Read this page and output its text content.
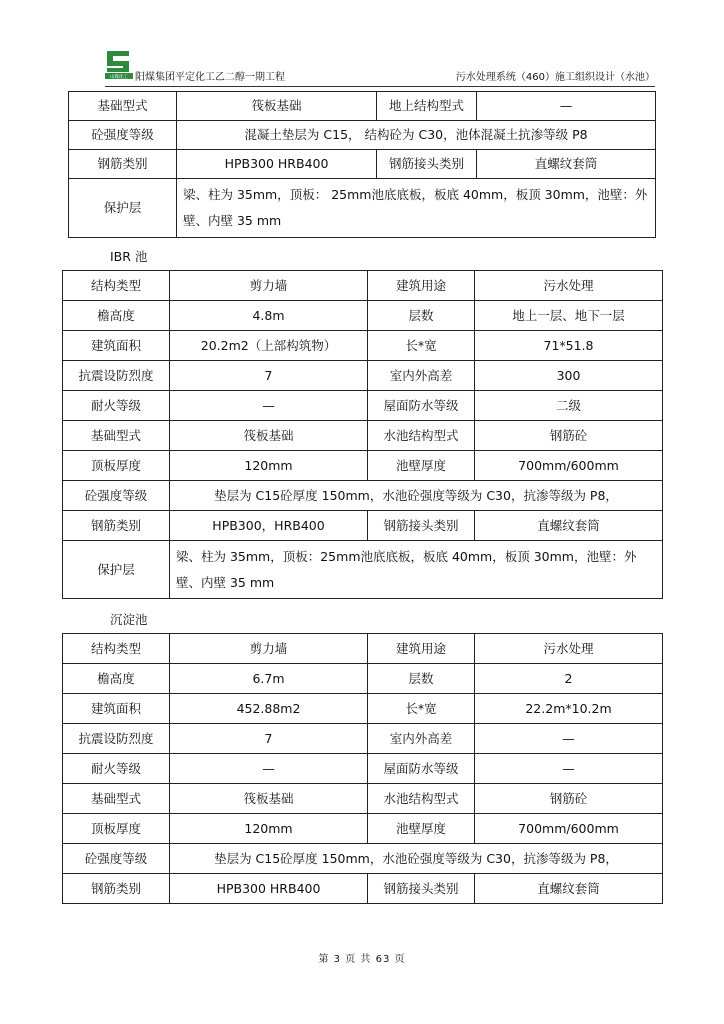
山煤化工 阳煤集团平定化工乙二醇一期工程	污水处理系统（460）施工组织设计（水池）
基础型式	筏板基础	地上结构型式	—
砼强度等级	混凝土垫层为 C15， 结构砼为 C30，池体混凝土抗渗等级 P8		
钢筋类别	HPB300 HRB400	钢筋接头类别	直螺纹套筒
保护层	梁、柱为 35mm，顶板： 25mm池底底板，板底 40mm，板顶 30mm，池壁：外壁、内壁 35 mm		
IBR 池
结构类型	剪力墙	建筑用途	污水处理
檐高度	4.8m	层数	地上一层、地下一层
建筑面积	20.2m2（上部构筑物）	长*宽	71*51.8
抗震设防烈度	7	室内外高差	300
耐火等级	—	屋面防水等级	二级
基础型式	筏板基础	水池结构型式	钢筋砼
顶板厚度	120mm	池壁厚度	700mm/600mm
砼强度等级	垫层为 C15砼厚度 150mm，水池砼强度等级为 C30，抗渗等级为 P8，		
钢筋类别	HPB300，HRB400	钢筋接头类别	直螺纹套筒
保护层	梁、柱为 35mm，顶板：25mm池底底板，板底 40mm，板顶 30mm，池壁：外壁、内壁 35 mm		
沉淀池
结构类型	剪力墙	建筑用途	污水处理
檐高度	6.7m	层数	2
建筑面积	452.88m2	长*宽	22.2m*10.2m
抗震设防烈度	7	室内外高差	—
耐火等级	—	屋面防水等级	—
基础型式	筏板基础	水池结构型式	钢筋砼
顶板厚度	120mm	池壁厚度	700mm/600mm
砼强度等级	垫层为 C15砼厚度 150mm，水池砼强度等级为 C30，抗渗等级为 P8，		
钢筋类别	HPB300 HRB400	钢筋接头类别	直螺纹套筒
第 3 页 共 63 页
